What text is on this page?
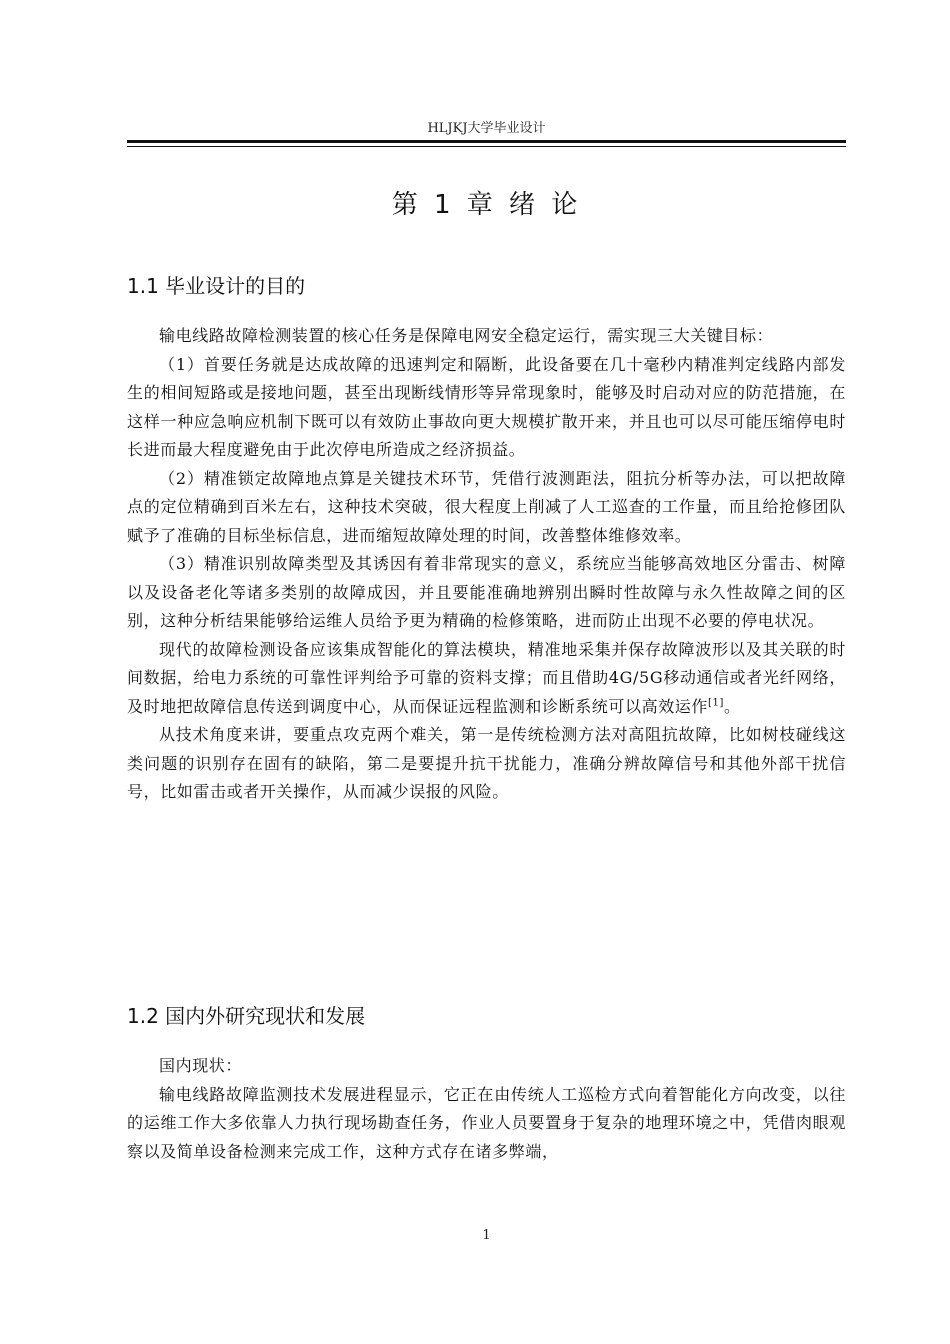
HLJKJ大学毕业设计
第 1 章 绪 论
1.1 毕业设计的目的

输电线路故障检测装置的核心任务是保障电网安全稳定运行，需实现三大关键目标：

（1）首要任务就是达成故障的迅速判定和隔断，此设备要在几十毫秒内精准判定线路内部发生的相间短路或是接地问题，甚至出现断线情形等异常现象时，能够及时启动对应的防范措施，在这样一种应急响应机制下既可以有效防止事故向更大规模扩散开来，并且也可以尽可能压缩停电时长进而最大程度避免由于此次停电所造成之经济损益。

（2）精准锁定故障地点算是关键技术环节，凭借行波测距法，阻抗分析等办法，可以把故障点的定位精确到百米左右，这种技术突破，很大程度上削减了人工巡查的工作量，而且给抢修团队赋予了准确的目标坐标信息，进而缩短故障处理的时间，改善整体维修效率。

（3）精准识别故障类型及其诱因有着非常现实的意义，系统应当能够高效地区分雷击、树障以及设备老化等诸多类别的故障成因，并且要能准确地辨别出瞬时性故障与永久性故障之间的区别，这种分析结果能够给运维人员给予更为精确的检修策略，进而防止出现不必要的停电状况。

现代的故障检测设备应该集成智能化的算法模块，精准地采集并保存故障波形以及其关联的时间数据，给电力系统的可靠性评判给予可靠的资料支撑；而且借助4G/5G移动通信或者光纤网络，及时地把故障信息传送到调度中心，从而保证远程监测和诊断系统可以高效运作[1]。

从技术角度来讲，要重点攻克两个难关，第一是传统检测方法对高阻抗故障，比如树枝碰线这类问题的识别存在固有的缺陷，第二是要提升抗干扰能力，准确分辨故障信号和其他外部干扰信号，比如雷击或者开关操作，从而减少误报的风险。

1.2 国内外研究现状和发展

国内现状：

输电线路故障监测技术发展进程显示，它正在由传统人工巡检方式向着智能化方向改变，以往的运维工作大多依靠人力执行现场勘查任务，作业人员要置身于复杂的地理环境之中，凭借肉眼观察以及简单设备检测来完成工作，这种方式存在诸多弊端，

1
